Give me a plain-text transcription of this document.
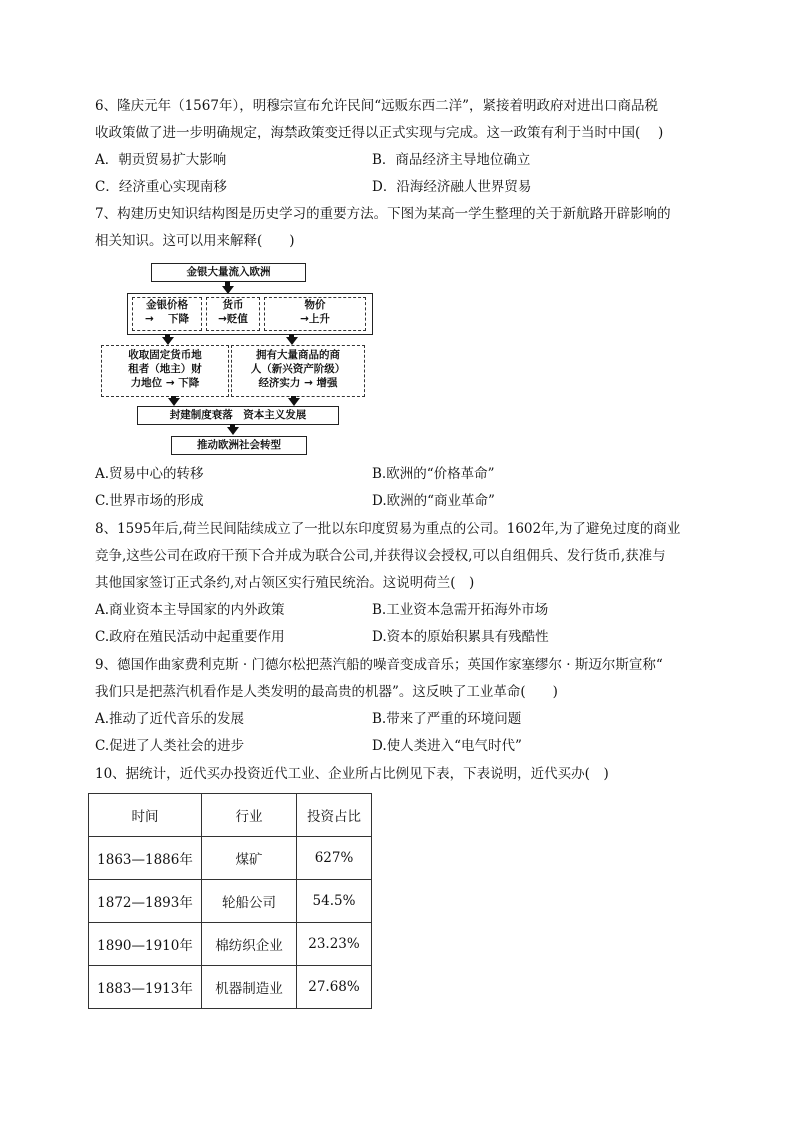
6、隆庆元年（1567年），明穆宗宣布允许民间“远贩东西二洋”，紧接着明政府对进出口商品税
收政策做了进一步明确规定，海禁政策变迁得以正式实现与完成。这一政策有利于当时中国(　 )
A．朝贡贸易扩大影响	B．商品经济主导地位确立
C．经济重心实现南移	D．沿海经济融人世界贸易
7、构建历史知识结构图是历史学习的重要方法。下图为某高一学生整理的关于新航路开辟影响的
相关知识。这可以用来解释(　　)
金银大量流入欧洲
金银价格
→　 下降
货币
→贬值
物价
→上升
收取固定货币地
租者（地主）财
力地位 → 下降
拥有大量商品的商
人（新兴资产阶级）
经济实力 → 增强
封建制度衰落　资本主义发展
推动欧洲社会转型
A.贸易中心的转移	B.欧洲的“价格革命”
C.世界市场的形成	D.欧洲的“商业革命”
8、1595年后,荷兰民间陆续成立了一批以东印度贸易为重点的公司。1602年,为了避免过度的商业
竞争,这些公司在政府干预下合并成为联合公司,并获得议会授权,可以自组佣兵、发行货币,获准与
其他国家签订正式条约,对占领区实行殖民统治。这说明荷兰(　)
A.商业资本主导国家的内外政策	B.工业资本急需开拓海外市场
C.政府在殖民活动中起重要作用	D.资本的原始积累具有残酷性
9、德国作曲家费利克斯 · 门德尔松把蒸汽船的噪音变成音乐；英国作家塞缪尔 · 斯迈尔斯宣称“
我们只是把蒸汽机看作是人类发明的最高贵的机器”。这反映了工业革命(　　)
A.推动了近代音乐的发展	B.带来了严重的环境问题
C.促进了人类社会的进步	D.使人类进入“电气时代”
10、据统计，近代买办投资近代工业、企业所占比例见下表，下表说明，近代买办(　)
时间	行业	投资占比
1863—1886年	煤矿	627%
1872—1893年	轮船公司	54.5%
1890—1910年	棉纺织企业	23.23%
1883—1913年	机器制造业	27.68%
